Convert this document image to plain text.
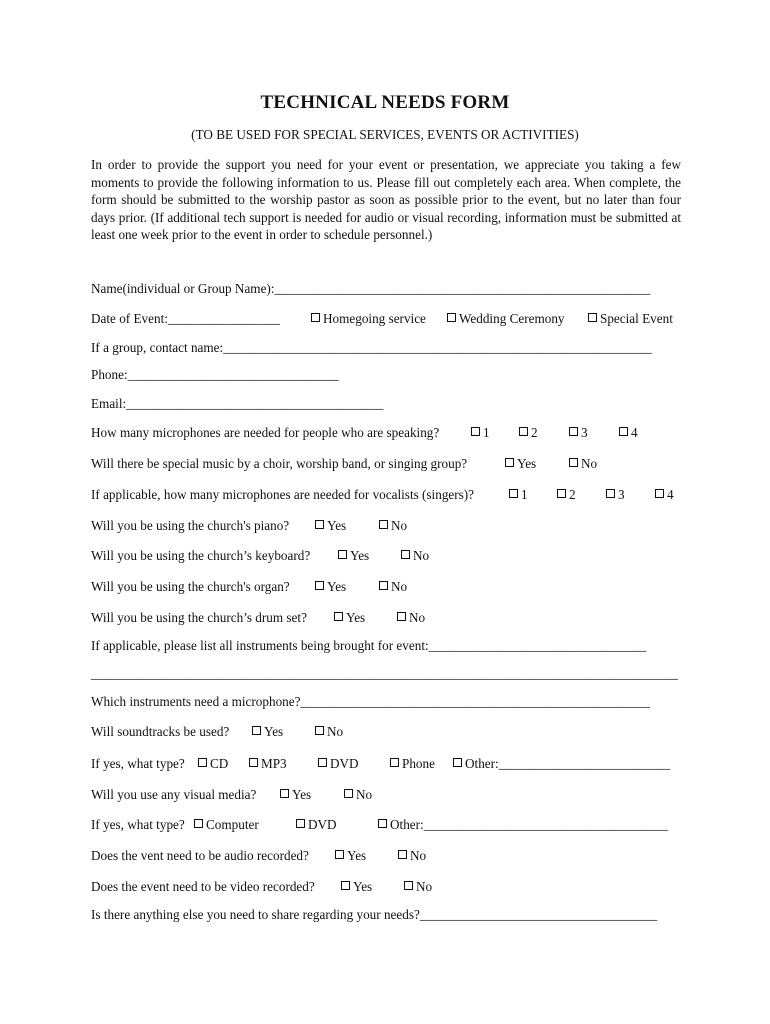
TECHNICAL NEEDS FORM
(TO BE USED FOR SPECIAL SERVICES, EVENTS OR ACTIVITIES)

In order to provide the support you need for your event or presentation, we appreciate you taking a few moments to provide the following information to us. Please fill out completely each area. When complete, the form should be submitted to the worship pastor as soon as possible prior to the event, but no later than four days prior. (If additional tech support is needed for audio or visual recording, information must be submitted at least one week prior to the event in order to schedule personnel.)

Name(individual or Group Name):_________________________________________________________
Date of Event:_________________	Homegoing service	Wedding Ceremony	Special Event
If a group, contact name:_________________________________________________________________
Phone:________________________________
Email:_______________________________________
How many microphones are needed for people who are speaking?	1	2	3	4
Will there be special music by a choir, worship band, or singing group?	Yes	No
If applicable, how many microphones are needed for vocalists (singers)?	1	2	3	4
Will you be using the church's piano?	Yes	No
Will you be using the church’s keyboard?	Yes	No
Will you be using the church's organ?	Yes	No
Will you be using the church’s drum set?	Yes	No
If applicable, please list all instruments being brought for event:_________________________________
_________________________________________________________________________________________
Which instruments need a microphone?_____________________________________________________
Will soundtracks be used?	Yes	No
If yes, what type?	CD	MP3	DVD	Phone	Other:__________________________
Will you use any visual media?	Yes	No
If yes, what type?	Computer	DVD	Other:_____________________________________
Does the vent need to be audio recorded?	Yes	No
Does the event need to be video recorded?	Yes	No
Is there anything else you need to share regarding your needs?____________________________________
